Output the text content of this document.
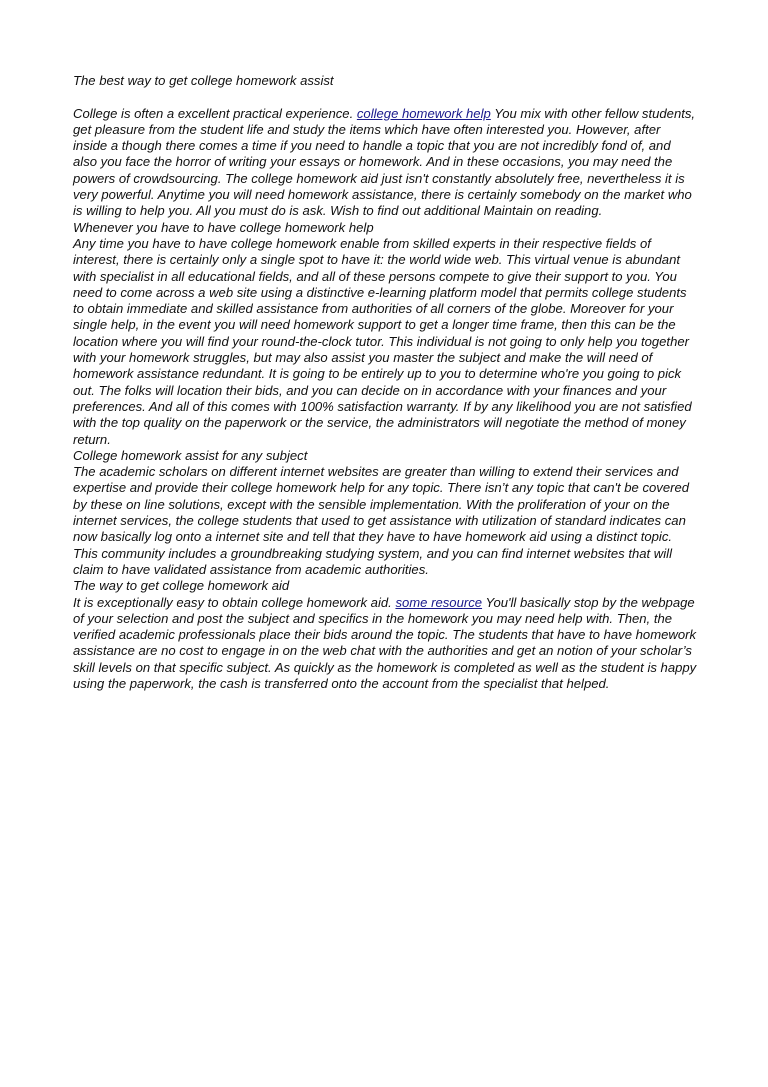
The best way to get college homework assist

College is often a excellent practical experience. college homework help You mix with other fellow students, get pleasure from the student life and study the items which have often interested you. However, after inside a though there comes a time if you need to handle a topic that you are not incredibly fond of, and also you face the horror of writing your essays or homework. And in these occasions, you may need the powers of crowdsourcing. The college homework aid just isn't constantly absolutely free, nevertheless it is very powerful. Anytime you will need homework assistance, there is certainly somebody on the market who is willing to help you. All you must do is ask. Wish to find out additional Maintain on reading.

Whenever you have to have college homework help

Any time you have to have college homework enable from skilled experts in their respective fields of interest, there is certainly only a single spot to have it: the world wide web. This virtual venue is abundant with specialist in all educational fields, and all of these persons compete to give their support to you. You need to come across a web site using a distinctive e-learning platform model that permits college students to obtain immediate and skilled assistance from authorities of all corners of the globe. Moreover for your single help, in the event you will need homework support to get a longer time frame, then this can be the location where you will find your round-the-clock tutor. This individual is not going to only help you together with your homework struggles, but may also assist you master the subject and make the will need of homework assistance redundant. It is going to be entirely up to you to determine who're you going to pick out. The folks will location their bids, and you can decide on in accordance with your finances and your preferences. And all of this comes with 100% satisfaction warranty. If by any likelihood you are not satisfied with the top quality on the paperwork or the service, the administrators will negotiate the method of money return.

College homework assist for any subject

The academic scholars on different internet websites are greater than willing to extend their services and expertise and provide their college homework help for any topic. There isn’t any topic that can't be covered by these on line solutions, except with the sensible implementation. With the proliferation of your on the internet services, the college students that used to get assistance with utilization of standard indicates can now basically log onto a internet site and tell that they have to have homework aid using a distinct topic. This community includes a groundbreaking studying system, and you can find internet websites that will claim to have validated assistance from academic authorities.

The way to get college homework aid

It is exceptionally easy to obtain college homework aid. some resource You'll basically stop by the webpage of your selection and post the subject and specifics in the homework you may need help with. Then, the verified academic professionals place their bids around the topic. The students that have to have homework assistance are no cost to engage in on the web chat with the authorities and get an notion of your scholar’s skill levels on that specific subject. As quickly as the homework is completed as well as the student is happy using the paperwork, the cash is transferred onto the account from the specialist that helped.
